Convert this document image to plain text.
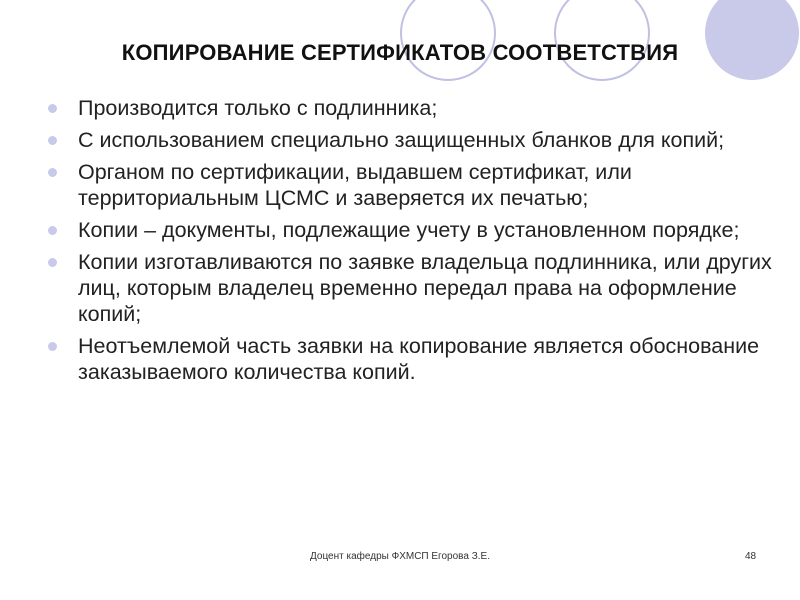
КОПИРОВАНИЕ СЕРТИФИКАТОВ СООТВЕТСТВИЯ
Производится только с подлинника;
С использованием специально защищенных бланков для копий;
Органом по сертификации, выдавшем сертификат, или территориальным ЦСМС и заверяется их печатью;
Копии – документы, подлежащие учету в установленном порядке;
Копии изготавливаются по заявке владельца подлинника, или других лиц, которым владелец временно передал права на оформление копий;
Неотъемлемой часть заявки на копирование является обоснование заказываемого количества копий.
Доцент кафедры ФХМСП Егорова З.Е.	48
